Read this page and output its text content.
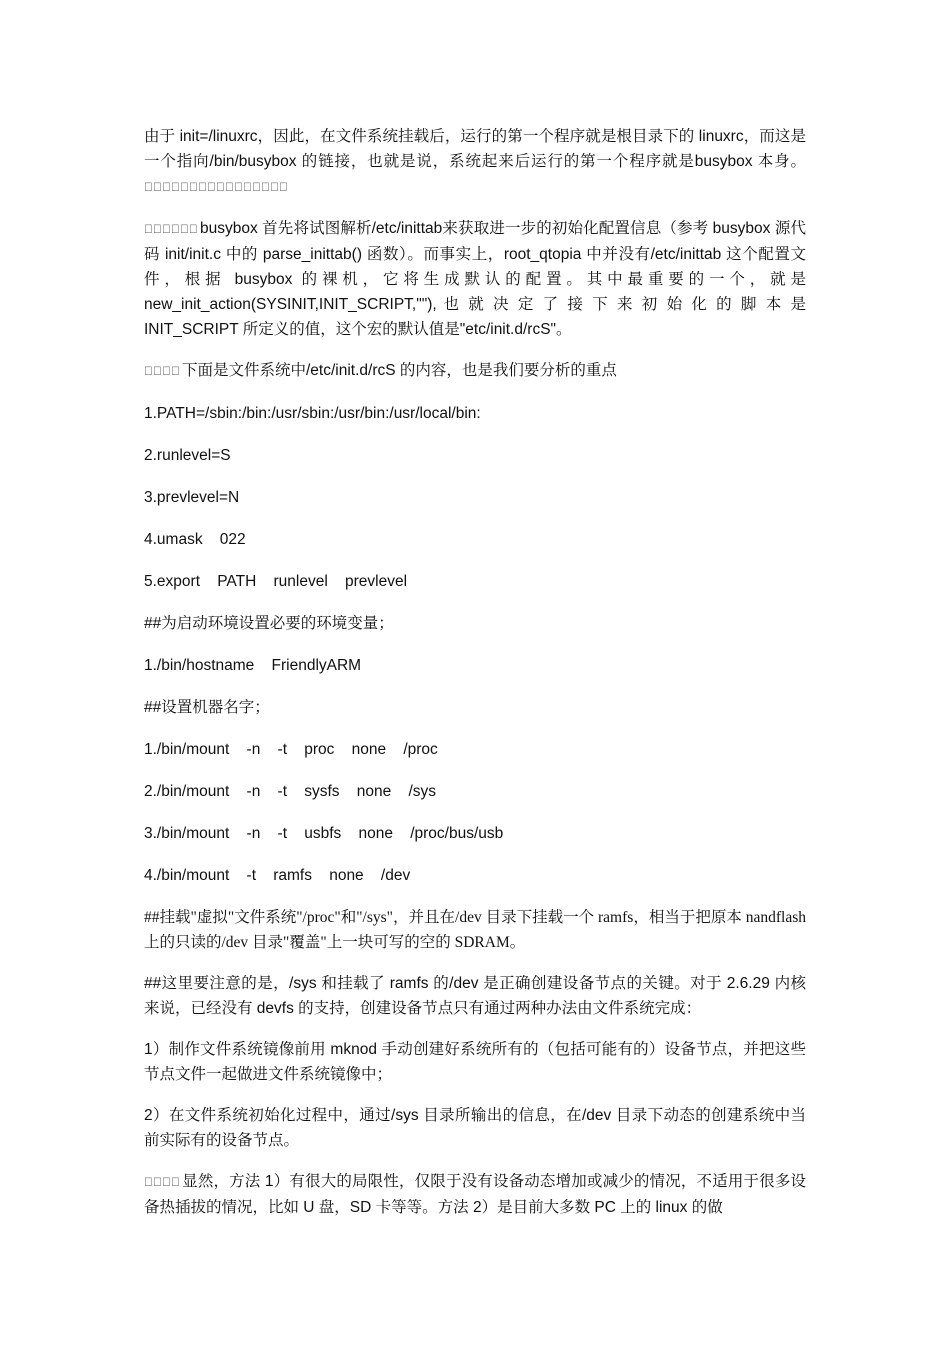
由于 init=/linuxrc，因此，在文件系统挂载后，运行的第一个程序就是根目录下的 linuxrc，而这是一个指向/bin/busybox 的链接，也就是说，系统起来后运行的第一个程序就是busybox 本身。￿￿￿￿￿￿￿￿￿￿￿￿￿￿￿￿

￿￿￿￿￿￿ busybox 首先将试图解析/etc/inittab来获取进一步的初始化配置信息（参考 busybox 源代码 init/init.c 中的 parse_inittab() 函数）。而事实上，root_qtopia 中并没有/etc/inittab 这个配置文件，根据 busybox 的裸机，它将生成默认的配置。其中最重要的一个，就是 new_init_action(SYSINIT,INIT_SCRIPT,""), 也 就 决 定 了 接 下 来 初 始 化 的 脚 本 是 INIT_SCRIPT 所定义的值，这个宏的默认值是"etc/init.d/rcS"。

￿￿￿￿ 下面是文件系统中/etc/init.d/rcS 的内容，也是我们要分析的重点

1.PATH=/sbin:/bin:/usr/sbin:/usr/bin:/usr/local/bin:

2.runlevel=S

3.prevlevel=N

4.umask    022

5.export    PATH    runlevel    prevlevel

##为启动环境设置必要的环境变量；

1./bin/hostname    FriendlyARM

##设置机器名字；

1./bin/mount    -n    -t    proc    none    /proc

2./bin/mount    -n    -t    sysfs    none    /sys

3./bin/mount    -n    -t    usbfs    none    /proc/bus/usb

4./bin/mount    -t    ramfs    none    /dev

##挂载"虚拟"文件系统"/proc"和"/sys"，并且在/dev 目录下挂载一个 ramfs，相当于把原本 nandflash 上的只读的/dev 目录"覆盖"上一块可写的空的 SDRAM。

##这里要注意的是，/sys 和挂载了 ramfs 的/dev 是正确创建设备节点的关键。对于 2.6.29 内核来说，已经没有 devfs 的支持，创建设备节点只有通过两种办法由文件系统完成：

1）制作文件系统镜像前用 mknod 手动创建好系统所有的（包括可能有的）设备节点，并把这些节点文件一起做进文件系统镜像中；

2）在文件系统初始化过程中，通过/sys 目录所输出的信息，在/dev 目录下动态的创建系统中当前实际有的设备节点。

￿￿￿￿ 显然，方法 1）有很大的局限性，仅限于没有设备动态增加或减少的情况，不适用于很多设备热插拔的情况，比如 U 盘，SD 卡等等。方法 2）是目前大多数 PC 上的 linux 的做
